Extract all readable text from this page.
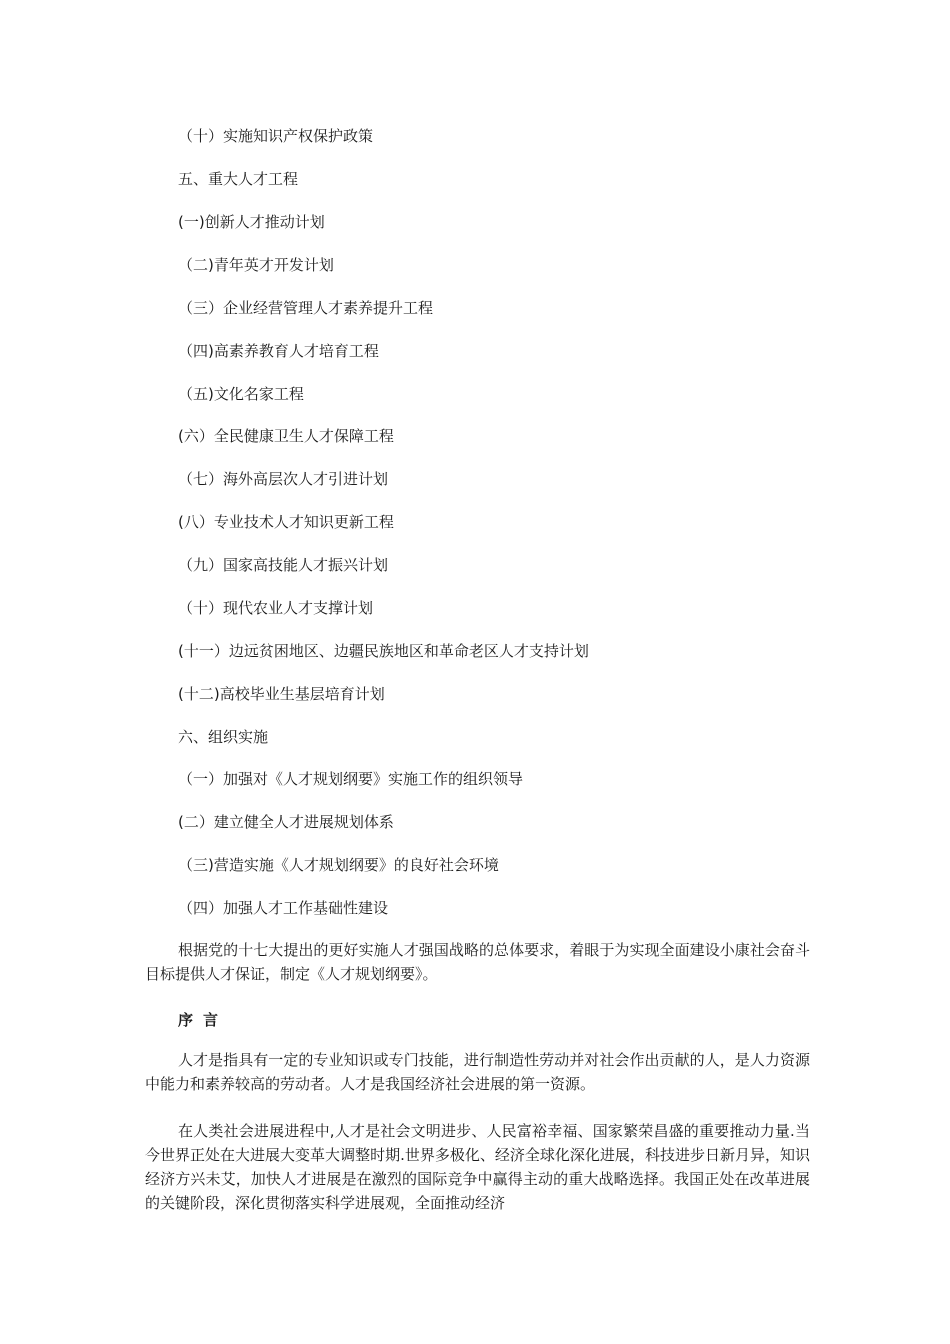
（十）实施知识产权保护政策
五、重大人才工程
(一)创新人才推动计划
（二)青年英才开发计划
（三）企业经营管理人才素养提升工程
（四)高素养教育人才培育工程
（五)文化名家工程
(六）全民健康卫生人才保障工程
（七）海外高层次人才引进计划
(八）专业技术人才知识更新工程
（九）国家高技能人才振兴计划
（十）现代农业人才支撑计划
(十一）边远贫困地区、边疆民族地区和革命老区人才支持计划
(十二)高校毕业生基层培育计划
六、组织实施
（一）加强对《人才规划纲要》实施工作的组织领导
(二）建立健全人才进展规划体系
（三)营造实施《人才规划纲要》的良好社会环境
（四）加强人才工作基础性建设
根据党的十七大提出的更好实施人才强国战略的总体要求，着眼于为实现全面建设小康社会奋斗目标提供人才保证，制定《人才规划纲要》。
序言
人才是指具有一定的专业知识或专门技能，进行制造性劳动并对社会作出贡献的人，是人力资源中能力和素养较高的劳动者。人才是我国经济社会进展的第一资源。
在人类社会进展进程中,人才是社会文明进步、人民富裕幸福、国家繁荣昌盛的重要推动力量.当今世界正处在大进展大变革大调整时期.世界多极化、经济全球化深化进展，科技进步日新月异，知识经济方兴未艾，加快人才进展是在激烈的国际竞争中赢得主动的重大战略选择。我国正处在改革进展的关键阶段，深化贯彻落实科学进展观，全面推动经济
